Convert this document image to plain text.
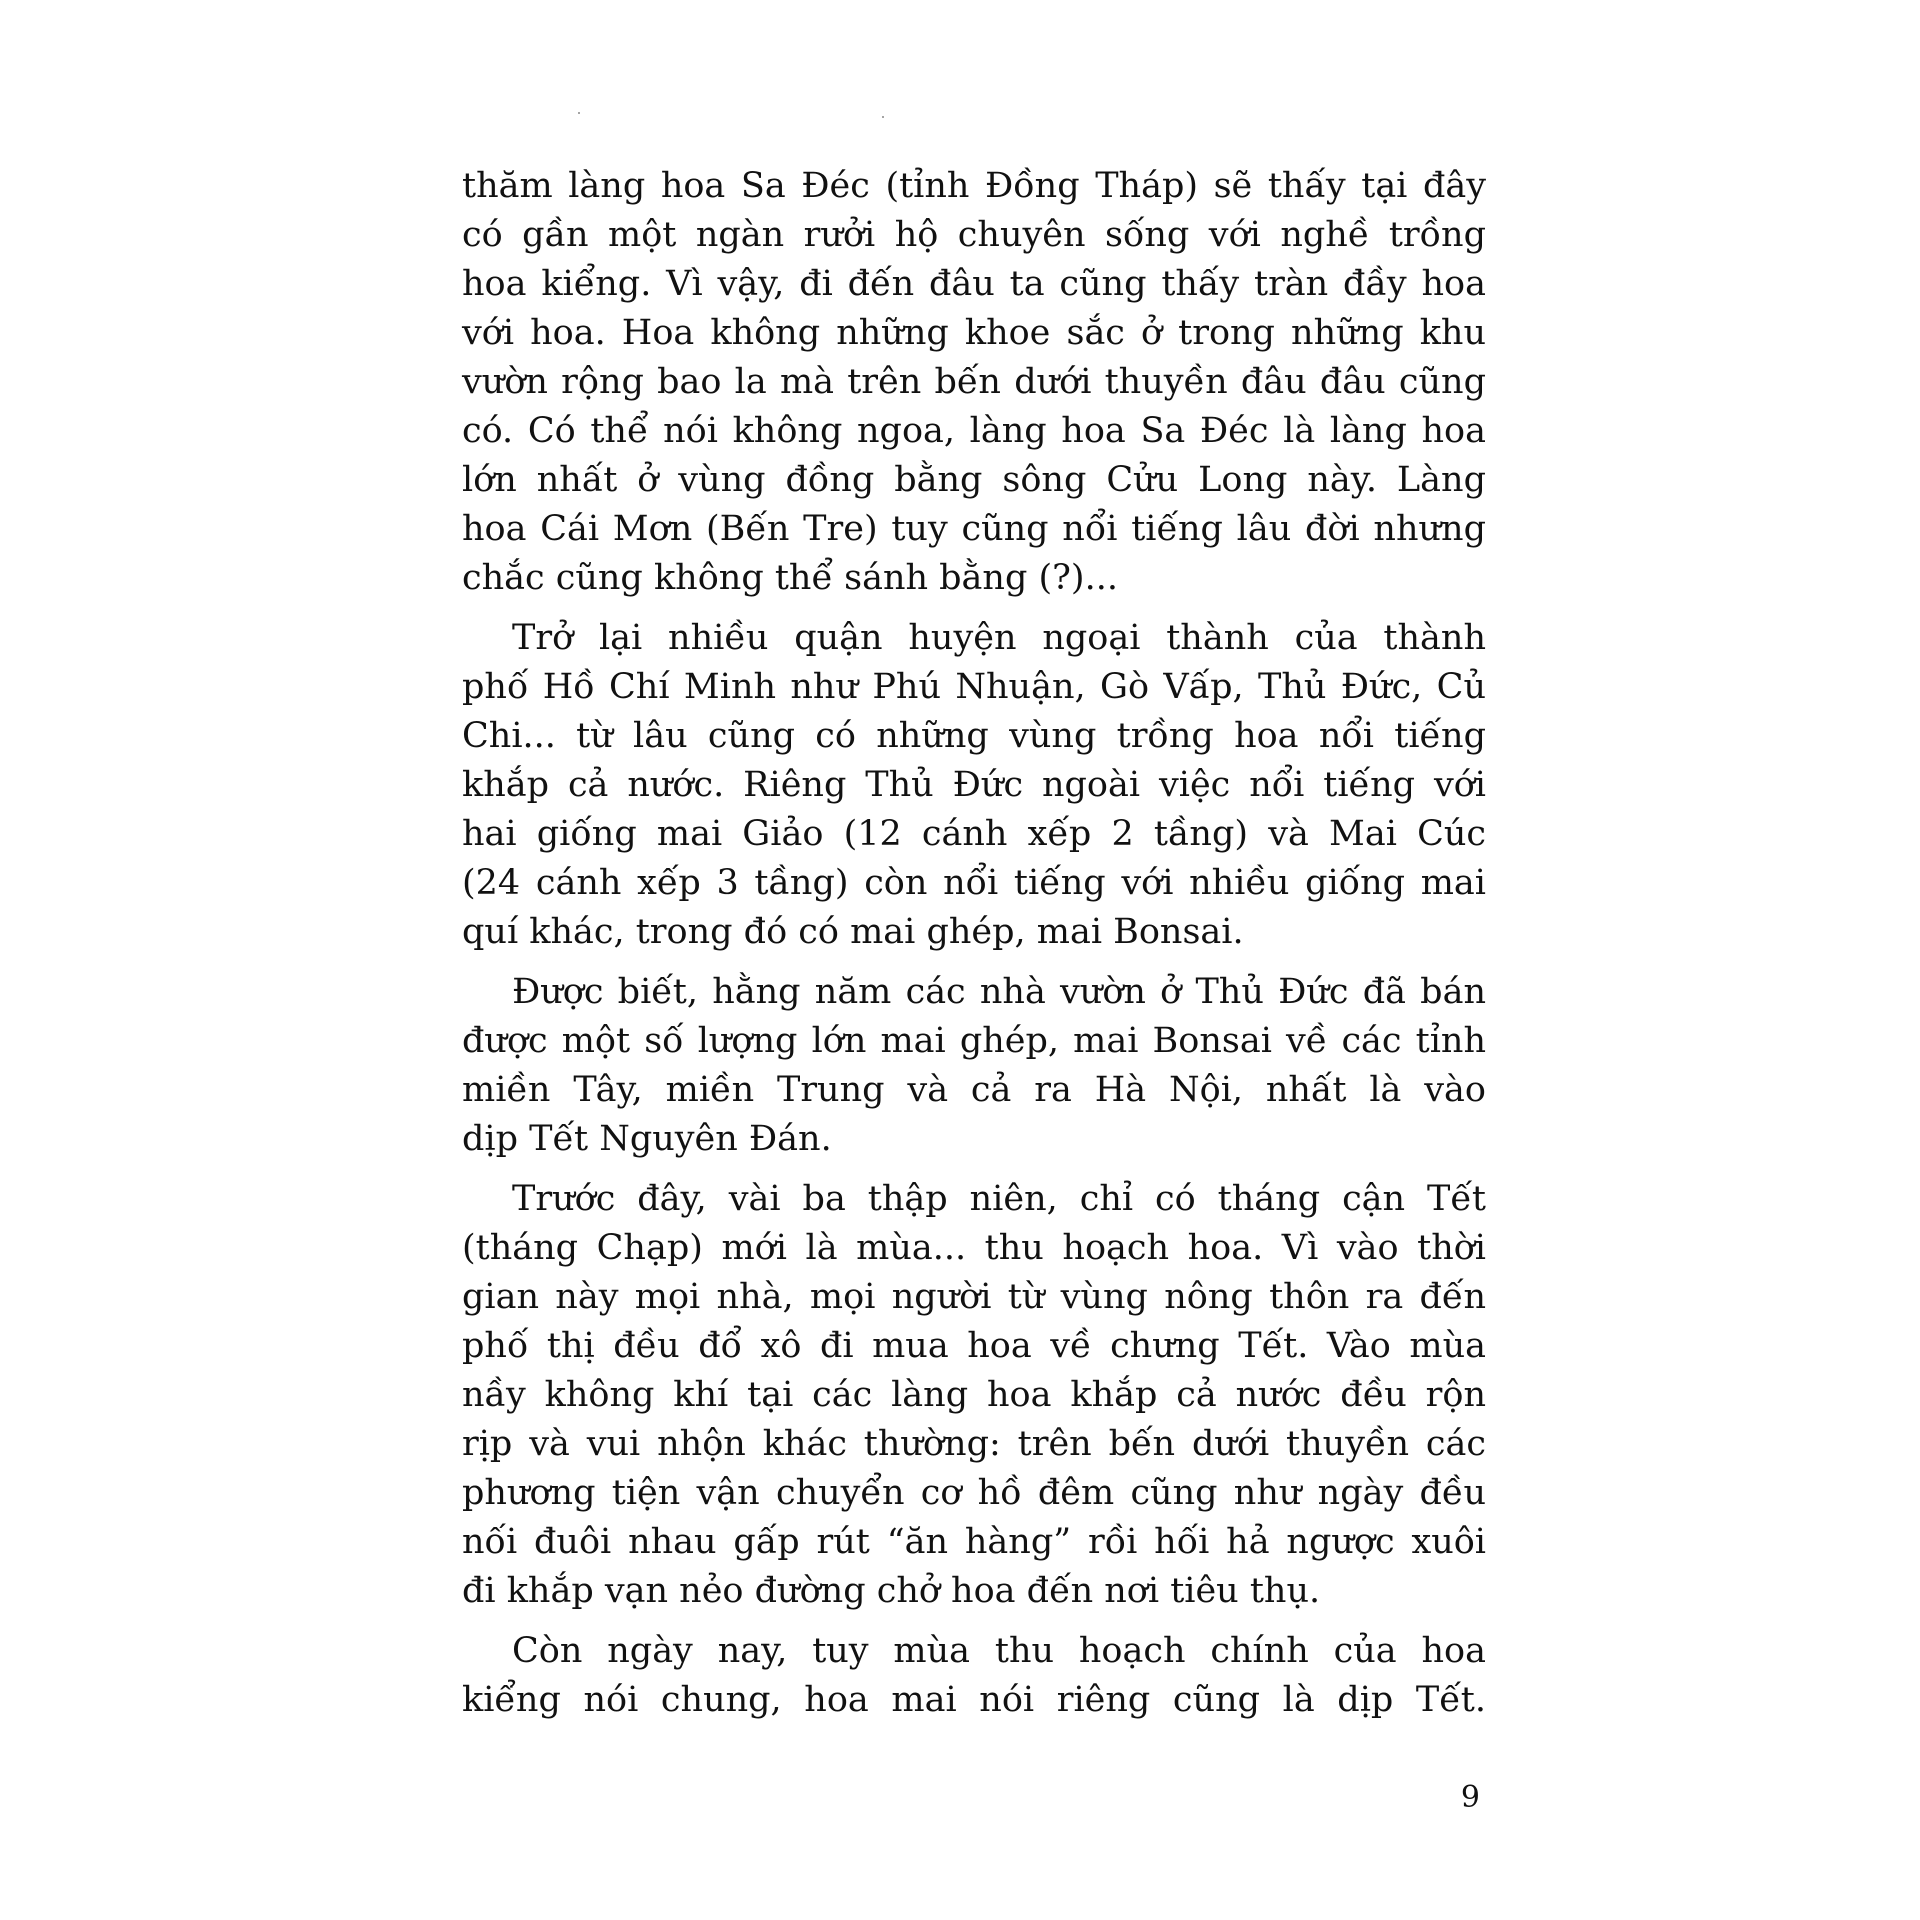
thăm làng hoa Sa Đéc (tỉnh Đồng Tháp) sẽ thấy tại đây
có gần một ngàn rưởi hộ chuyên sống với nghề trồng
hoa kiểng. Vì vậy, đi đến đâu ta cũng thấy tràn đầy hoa
với hoa. Hoa không những khoe sắc ở trong những khu
vườn rộng bao la mà trên bến dưới thuyền đâu đâu cũng
có. Có thể nói không ngoa, làng hoa Sa Đéc là làng hoa
lớn nhất ở vùng đồng bằng sông Cửu Long này. Làng
hoa Cái Mơn (Bến Tre) tuy cũng nổi tiếng lâu đời nhưng
chắc cũng không thể sánh bằng (?)...
Trở lại nhiều quận huyện ngoại thành của thành
phố Hồ Chí Minh như Phú Nhuận, Gò Vấp, Thủ Đức, Củ
Chi... từ lâu cũng có những vùng trồng hoa nổi tiếng
khắp cả nước. Riêng Thủ Đức ngoài việc nổi tiếng với
hai giống mai Giảo (12 cánh xếp 2 tầng) và Mai Cúc
(24 cánh xếp 3 tầng) còn nổi tiếng với nhiều giống mai
quí khác, trong đó có mai ghép, mai Bonsai.
Được biết, hằng năm các nhà vườn ở Thủ Đức đã bán
được một số lượng lớn mai ghép, mai Bonsai về các tỉnh
miền Tây, miền Trung và cả ra Hà Nội, nhất là vào
dịp Tết Nguyên Đán.
Trước đây, vài ba thập niên, chỉ có tháng cận Tết
(tháng Chạp) mới là mùa... thu hoạch hoa. Vì vào thời
gian này mọi nhà, mọi người từ vùng nông thôn ra đến
phố thị đều đổ xô đi mua hoa về chưng Tết. Vào mùa
nầy không khí tại các làng hoa khắp cả nước đều rộn
rịp và vui nhộn khác thường: trên bến dưới thuyền các
phương tiện vận chuyển cơ hồ đêm cũng như ngày đều
nối đuôi nhau gấp rút “ăn hàng” rồi hối hả ngược xuôi
đi khắp vạn nẻo đường chở hoa đến nơi tiêu thụ.
Còn ngày nay, tuy mùa thu hoạch chính của hoa
kiểng nói chung, hoa mai nói riêng cũng là dịp Tết.
9
